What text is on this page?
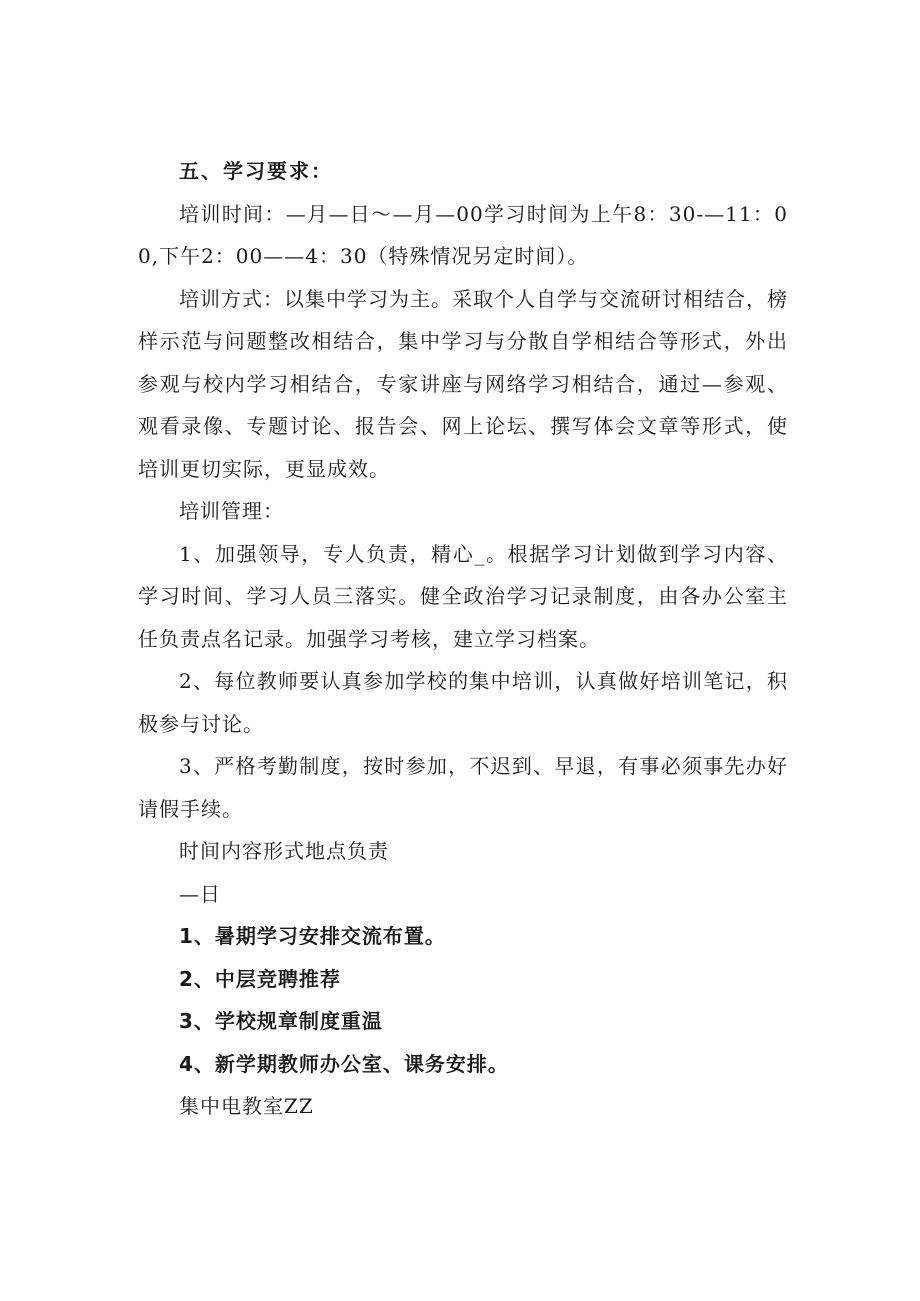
五、学习要求：

培训时间：—月—日～—月—00学习时间为上午8：30-—11：00,下午2：00——4：30（特殊情况另定时间）。

培训方式：以集中学习为主。采取个人自学与交流研讨相结合，榜样示范与问题整改相结合，集中学习与分散自学相结合等形式，外出参观与校内学习相结合，专家讲座与网络学习相结合，通过—参观、观看录像、专题讨论、报告会、网上论坛、撰写体会文章等形式，使培训更切实际，更显成效。

培训管理：

1、加强领导，专人负责，精心_。根据学习计划做到学习内容、学习时间、学习人员三落实。健全政治学习记录制度，由各办公室主任负责点名记录。加强学习考核，建立学习档案。

2、每位教师要认真参加学校的集中培训，认真做好培训笔记，积极参与讨论。

3、严格考勤制度，按时参加，不迟到、早退，有事必须事先办好请假手续。

时间内容形式地点负责

—日

1、暑期学习安排交流布置。

2、中层竞聘推荐

3、学校规章制度重温

4、新学期教师办公室、课务安排。

集中电教室ZZ
